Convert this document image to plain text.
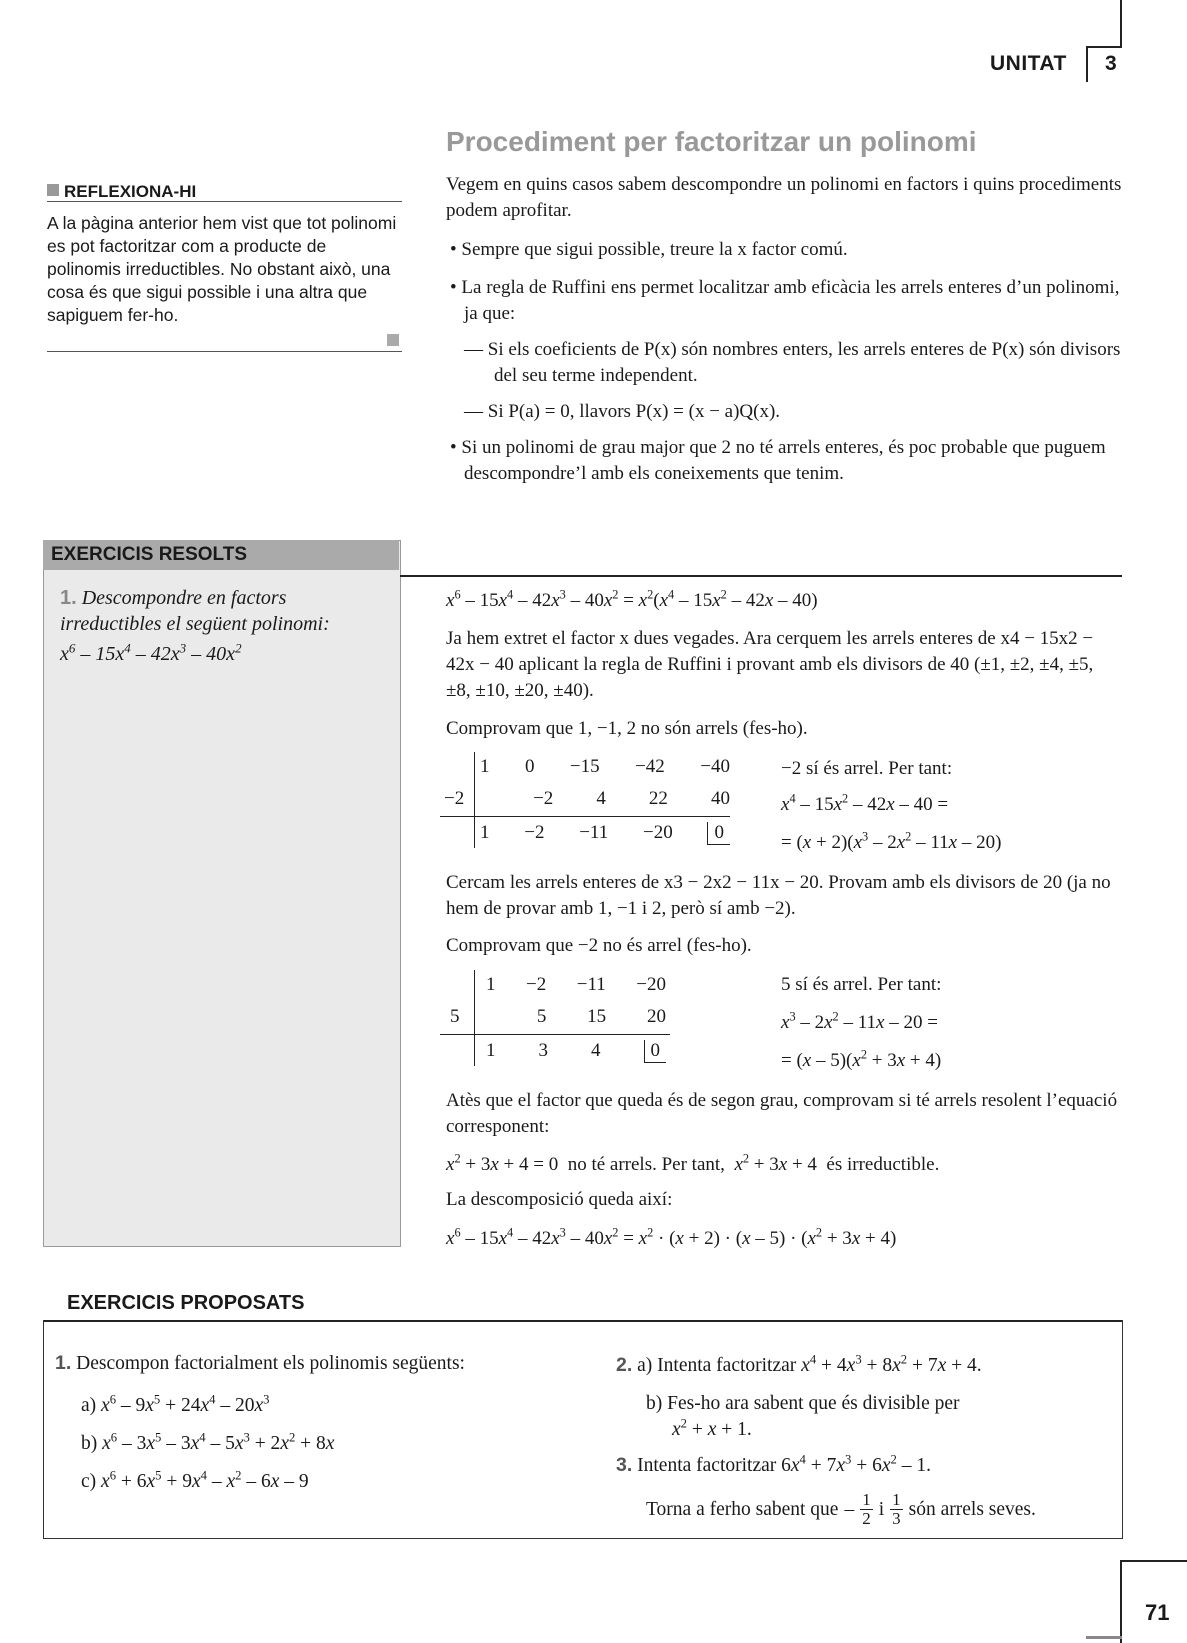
UNITAT 3
Procediment per factoritzar un polinomi
Vegem en quins casos sabem descompondre un polinomi en factors i quins procediments podem aprofitar.

• Sempre que sigui possible, treure la x factor comú.

• La regla de Ruffini ens permet localitzar amb eficàcia les arrels enteres d’un polinomi, ja que:

— Si els coeficients de P(x) són nombres enters, les arrels enteres de P(x) són divisors del seu terme independent.

— Si P(a) = 0, llavors P(x) = (x − a)Q(x).

• Si un polinomi de grau major que 2 no té arrels enteres, és poc probable que puguem descompondre’l amb els coneixements que tenim.

REFLEXIONA-HI
A la pàgina anterior hem vist que tot polinomi es pot factoritzar com a producte de polinomis irreductibles. No obstant això, una cosa és que sigui possible i una altra que sapiguem fer-ho.
EXERCICIS RESOLTS
1. Descompondre en factors irreductibles el següent polinomi:
$x^6 - 15x^4 - 42x^3 - 40x^2$
$x^6 - 15x^4 - 42x^3 - 40x^2 = x^2(x^4 - 15x^2 - 42x - 40)$
Ja hem extret el factor x dues vegades. Ara cerquem les arrels enteres de x4 − 15x2 − 42x − 40 aplicant la regla de Ruffini i provant amb els divisors de 40 (±1, ±2, ±4, ±5, ±8, ±10, ±20, ±40).
Comprovam que 1, −1, 2 no són arrels (fes-ho).
−2
1 0 −15 −42 −40
−2 4 22 40
1 −2 −11 −20	0
−2 sí és arrel. Per tant:
$x^4 - 15x^2 - 42x - 40$ =
= $(x + 2)(x^3 - 2x^2 - 11x - 20)$
Cercam les arrels enteres de x3 − 2x2 − 11x − 20. Provam amb els divisors de 20 (ja no hem de provar amb 1, −1 i 2, però sí amb −2).
Comprovam que −2 no és arrel (fes-ho).
5
1 −2 −11 −20
5 15 20
1 3 4	0
5 sí és arrel. Per tant:
$x^3 - 2x^2 - 11x - 20$ =
= $(x - 5)(x^2 + 3x + 4)$
Atès que el factor que queda és de segon grau, comprovam si té arrels resolent l’equació corresponent:
$x^2 + 3x + 4 = 0$  no té arrels. Per tant, $x^2 + 3x + 4$  és irreductible.
La descomposició queda així:
$x^6 - 15x^4 - 42x^3 - 40x^2 = x^2 \cdot (x + 2) \cdot (x - 5) \cdot (x^2 + 3x + 4)$
EXERCICIS PROPOSATS
1. Descompon factorialment els polinomis següents:
a) $x^6 - 9x^5 + 24x^4 - 20x^3$
b) $x^6 - 3x^5 - 3x^4 - 5x^3 + 2x^2 + 8x$
c) $x^6 + 6x^5 + 9x^4 - x^2 - 6x - 9$
2. a) Intenta factoritzar $x^4 + 4x^3 + 8x^2 + 7x + 4$.
b) Fes-ho ara sabent que és divisible per
$x^2 + x + 1$.
3. Intenta factoritzar $6x^4 + 7x^3 + 6x^2 - 1$.
Torna a ferho sabent que – 1
2 i 1
3 són arrels seves.
71
